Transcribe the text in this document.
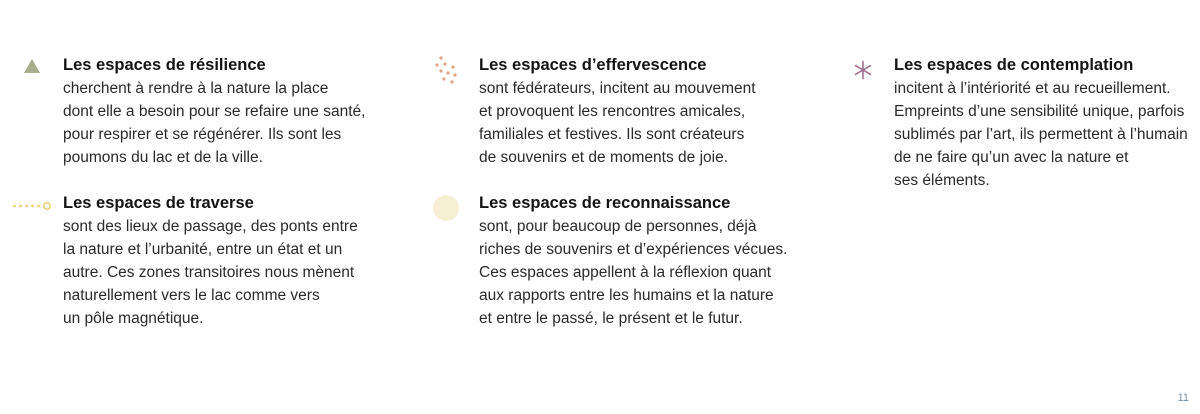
Les espaces de résilience

cherchent à rendre à la nature la place
dont elle a besoin pour se refaire une santé,
pour respirer et se régénérer. Ils sont les
poumons du lac et de la ville.

Les espaces de traverse

sont des lieux de passage, des ponts entre
la nature et l’urbanité, entre un état et un
autre. Ces zones transitoires nous mènent
naturellement vers le lac comme vers
un pôle magnétique.

Les espaces d’effervescence

sont fédérateurs, incitent au mouvement
et provoquent les rencontres amicales,
familiales et festives. Ils sont créateurs
de souvenirs et de moments de joie.

Les espaces de reconnaissance

sont, pour beaucoup de personnes, déjà
riches de souvenirs et d’expériences vécues.
Ces espaces appellent à la réflexion quant
aux rapports entre les humains et la nature
et entre le passé, le présent et le futur.

Les espaces de contemplation

incitent à l’intériorité et au recueillement.
Empreints d’une sensibilité unique, parfois
sublimés par l’art, ils permettent à l’humain
de ne faire qu’un avec la nature et
ses éléments.

11
